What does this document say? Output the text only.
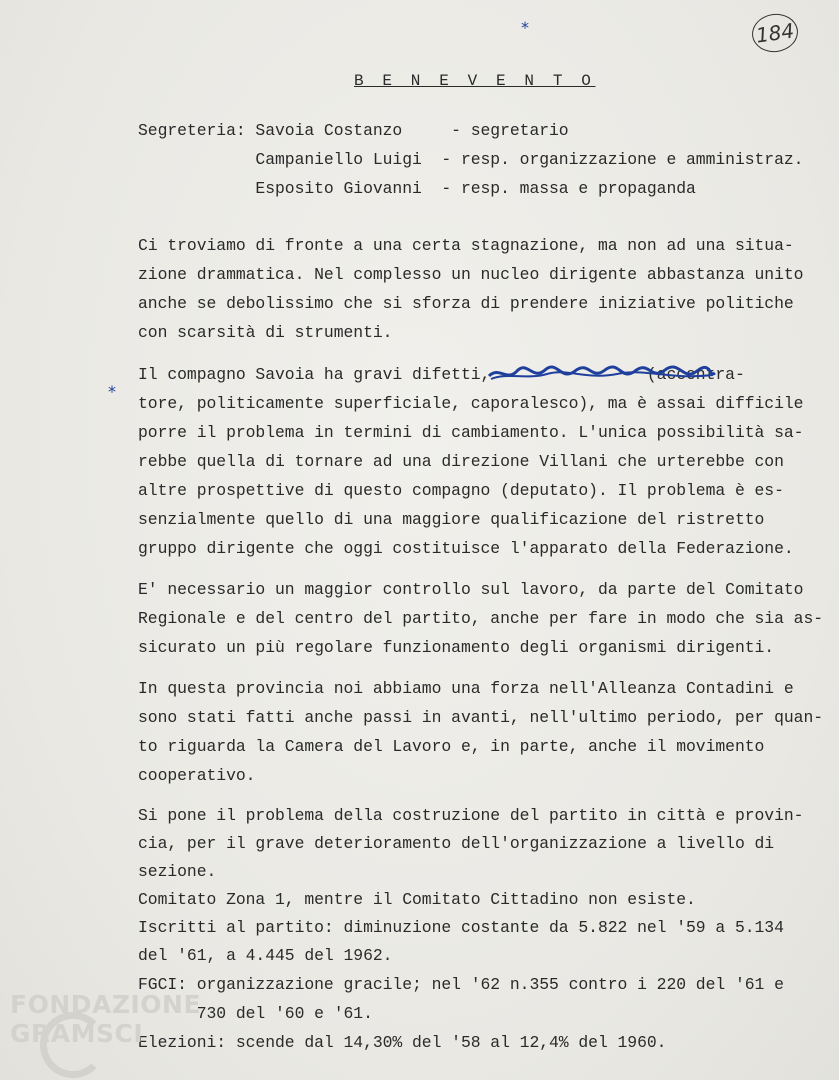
184
*
*
B E N E V E N T O
Segreteria: Savoia Costanzo     - segretario
Campaniello Luigi  - resp. organizzazione e amministraz.
Esposito Giovanni  - resp. massa e propaganda
Ci troviamo di fronte a una certa stagnazione, ma non ad una situa-
zione drammatica. Nel complesso un nucleo dirigente abbastanza unito
anche se debolissimo che si sforza di prendere iniziative politiche
con scarsità di strumenti.
Il compagno Savoia ha gravi difetti,                (accentra-
tore, politicamente superficiale, caporalesco), ma è assai difficile
porre il problema in termini di cambiamento. L'unica possibilità sa-
rebbe quella di tornare ad una direzione Villani che urterebbe con
altre prospettive di questo compagno (deputato). Il problema è es-
senzialmente quello di una maggiore qualificazione del ristretto
gruppo dirigente che oggi costituisce l'apparato della Federazione.
E' necessario un maggior controllo sul lavoro, da parte del Comitato
Regionale e del centro del partito, anche per fare in modo che sia as-
sicurato un più regolare funzionamento degli organismi dirigenti.
In questa provincia noi abbiamo una forza nell'Alleanza Contadini e
sono stati fatti anche passi in avanti, nell'ultimo periodo, per quan-
to riguarda la Camera del Lavoro e, in parte, anche il movimento
cooperativo.
Si pone il problema della costruzione del partito in città e provin-
cia, per il grave deterioramento dell'organizzazione a livello di
sezione.
Comitato Zona 1, mentre il Comitato Cittadino non esiste.
Iscritti al partito: diminuzione costante da 5.822 nel '59 a 5.134
del '61, a 4.445 del 1962.
FGCI: organizzazione gracile; nel '62 n.355 contro i 220 del '61 e
730 del '60 e '61.
Elezioni: scende dal 14,30% del '58 al 12,4% del 1960.
FONDAZIONE GRAMSCI
